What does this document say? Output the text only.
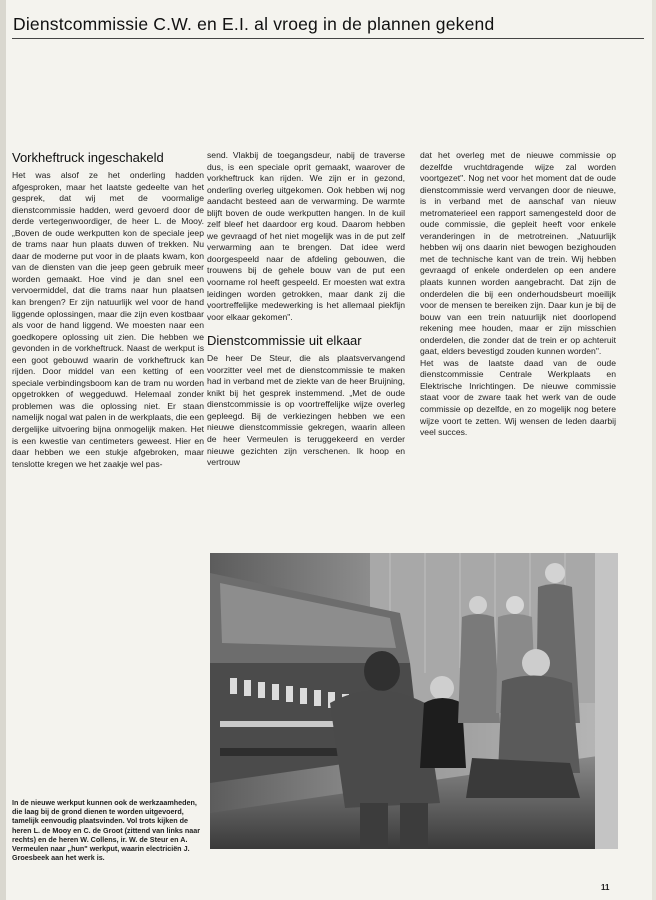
Dienstcommissie C.W. en E.I. al vroeg in de plannen gekend
Vorkheftruck ingeschakeld

Het was alsof ze het onderling hadden afgesproken, maar het laatste gedeelte van het gesprek, dat wij met de voormalige dienstcommissie hadden, werd gevoerd door de derde vertegenwoordiger, de heer L. de Mooy. „Boven de oude werkputten kon de speciale jeep de trams naar hun plaats duwen of trekken. Nu daar de moderne put voor in de plaats kwam, kon van de diensten van die jeep geen gebruik meer worden gemaakt. Hoe vind je dan snel een vervoermiddel, dat die trams naar hun plaatsen kan brengen? Er zijn natuurlijk wel voor de hand liggende oplossingen, maar die zijn even kostbaar als voor de hand liggend. We moesten naar een goedkopere oplossing uit zien. Die hebben we gevonden in de vorkheftruck. Naast de werkput is een goot gebouwd waarin de vorkheftruck kan rijden. Door middel van een ketting of een speciale verbindingsboom kan de tram nu worden opgetrokken of weggeduwd. Helemaal zonder problemen was die oplossing niet. Er staan namelijk nogal wat palen in de werkplaats, die een dergelijke uitvoering bijna onmogelijk maken. Het is een kwestie van centimeters geweest. Hier en daar hebben we een stukje afgebroken, maar tenslotte kregen we het zaakje wel pas-

send. Vlakbij de toegangsdeur, nabij de traverse dus, is een speciale oprit gemaakt, waarover de vorkheftruck kan rijden. We zijn er in gezond, onderling overleg uitgekomen. Ook hebben wij nog aandacht besteed aan de verwarming. De warmte blijft boven de oude werkputten hangen. In de kuil zelf bleef het daardoor erg koud. Daarom hebben we gevraagd of het niet mogelijk was in de put zelf verwarming aan te brengen. Dat idee werd doorgespeeld naar de afdeling gebouwen, die trouwens bij de gehele bouw van de put een voorname rol heeft gespeeld. Er moesten wat extra leidingen worden getrokken, maar dank zij die voortreffelijke medewerking is het allemaal piekfijn voor elkaar gekomen".

Dienstcommissie uit elkaar

De heer De Steur, die als plaatsvervangend voorzitter veel met de dienstcommissie te maken had in verband met de ziekte van de heer Bruijning, knikt bij het gesprek instemmend. „Met de oude dienstcommissie is op voortreffelijke wijze overleg gepleegd. Bij de verkiezingen hebben we een nieuwe dienstcommissie gekregen, waarin alleen de heer Vermeulen is teruggekeerd en verder nieuwe gezichten zijn verschenen. Ik hoop en vertrouw

dat het overleg met de nieuwe commissie op dezelfde vruchtdragende wijze zal worden voortgezet". Nog net voor het moment dat de oude dienstcommissie werd vervangen door de nieuwe, is in verband met de aanschaf van nieuw metromaterieel een rapport samengesteld door de oude commissie, die gepleit heeft voor enkele veranderingen in de metrotreinen. „Natuurlijk hebben wij ons daarin niet bewogen bezighouden met de technische kant van de trein. Wij hebben gevraagd of enkele onderdelen op een andere plaats kunnen worden aangebracht. Dat zijn de onderdelen die bij een onderhoudsbeurt moeilijk voor de mensen te bereiken zijn. Daar kun je bij de bouw van een trein natuurlijk niet doorlopend rekening mee houden, maar er zijn misschien onderdelen, die zonder dat de trein er op achteruit gaat, elders bevestigd zouden kunnen worden".

Het was de laatste daad van de oude dienstcommissie Centrale Werkplaats en Elektrische Inrichtingen. De nieuwe commissie staat voor de zware taak het werk van de oude commissie op dezelfde, en zo mogelijk nog betere wijze voort te zetten. Wij wensen de leden daarbij veel succes.

In de nieuwe werkput kunnen ook de werkzaamheden, die laag bij de grond dienen te worden uitgevoerd, tamelijk eenvoudig plaatsvinden. Vol trots kijken de heren L. de Mooy en C. de Groot (zittend van links naar rechts) en de heren W. Collens, ir. W. de Steur en A. Vermeulen naar „hun" werkput, waarin electriciën J. Groesbeek aan het werk is.
11
